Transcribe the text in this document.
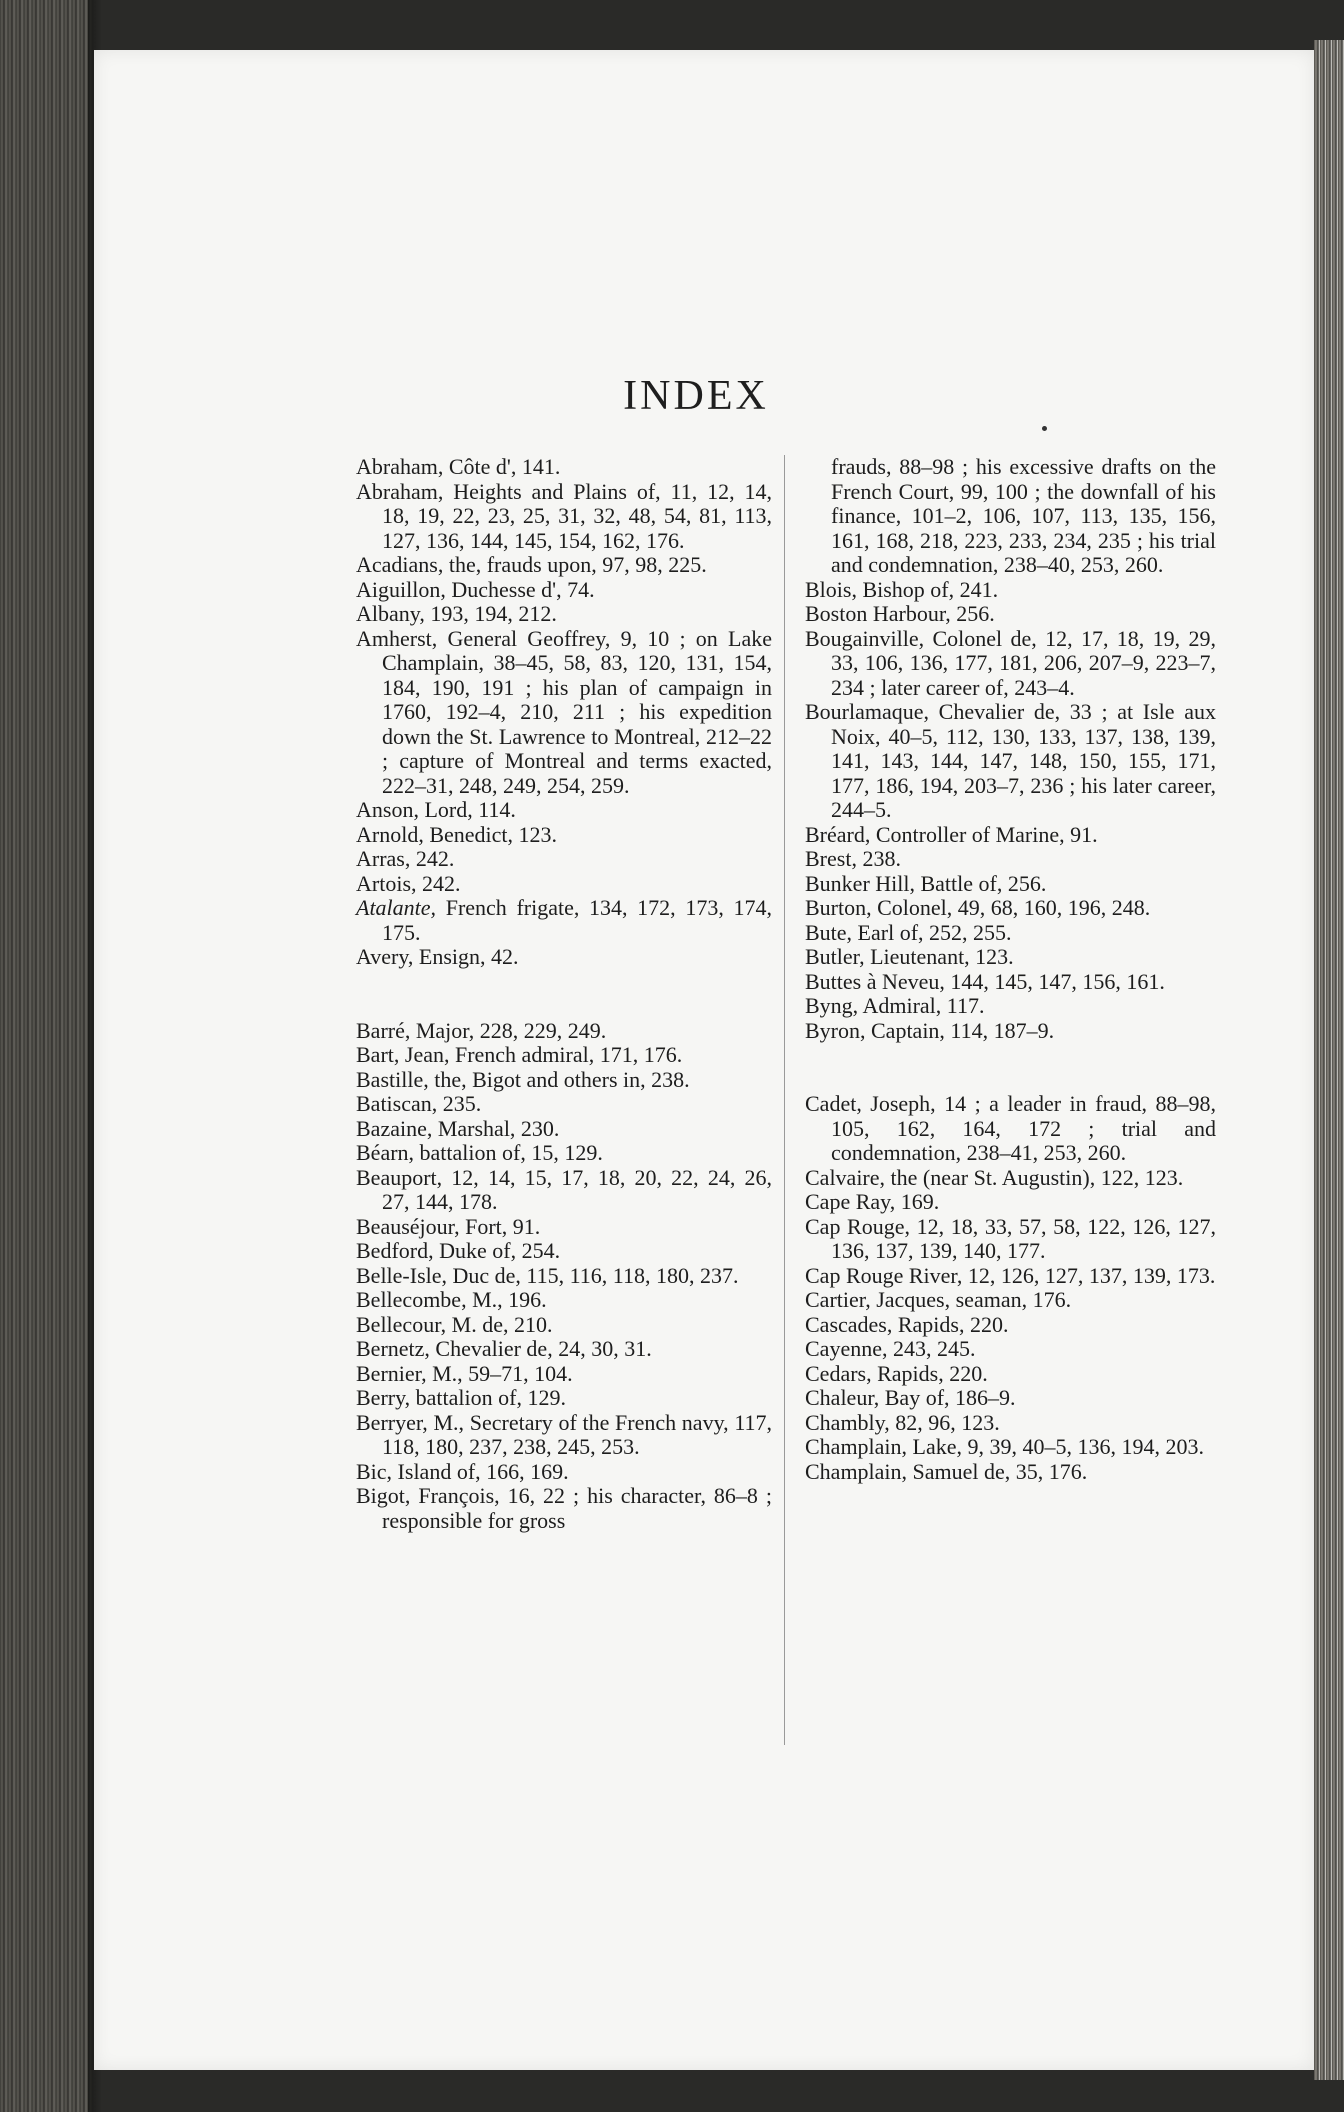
INDEX

Abraham, Côte d', 141.

Abraham, Heights and Plains of, 11, 12, 14, 18, 19, 22, 23, 25, 31, 32, 48, 54, 81, 113, 127, 136, 144, 145, 154, 162, 176.

Acadians, the, frauds upon, 97, 98, 225.

Aiguillon, Duchesse d', 74.

Albany, 193, 194, 212.

Amherst, General Geoffrey, 9, 10 ; on Lake Champlain, 38–45, 58, 83, 120, 131, 154, 184, 190, 191 ; his plan of campaign in 1760, 192–4, 210, 211 ; his expedition down the St. Lawrence to Montreal, 212–22 ; capture of Montreal and terms exacted, 222–31, 248, 249, 254, 259.

Anson, Lord, 114.

Arnold, Benedict, 123.

Arras, 242.

Artois, 242.

Atalante, French frigate, 134, 172, 173, 174, 175.

Avery, Ensign, 42.

Barré, Major, 228, 229, 249.

Bart, Jean, French admiral, 171, 176.

Bastille, the, Bigot and others in, 238.

Batiscan, 235.

Bazaine, Marshal, 230.

Béarn, battalion of, 15, 129.

Beauport, 12, 14, 15, 17, 18, 20, 22, 24, 26, 27, 144, 178.

Beauséjour, Fort, 91.

Bedford, Duke of, 254.

Belle-Isle, Duc de, 115, 116, 118, 180, 237.

Bellecombe, M., 196.

Bellecour, M. de, 210.

Bernetz, Chevalier de, 24, 30, 31.

Bernier, M., 59–71, 104.

Berry, battalion of, 129.

Berryer, M., Secretary of the French navy, 117, 118, 180, 237, 238, 245, 253.

Bic, Island of, 166, 169.

Bigot, François, 16, 22 ; his character, 86–8 ; responsible for gross

frauds, 88–98 ; his excessive drafts on the French Court, 99, 100 ; the downfall of his finance, 101–2, 106, 107, 113, 135, 156, 161, 168, 218, 223, 233, 234, 235 ; his trial and condemnation, 238–40, 253, 260.

Blois, Bishop of, 241.

Boston Harbour, 256.

Bougainville, Colonel de, 12, 17, 18, 19, 29, 33, 106, 136, 177, 181, 206, 207–9, 223–7, 234 ; later career of, 243–4.

Bourlamaque, Chevalier de, 33 ; at Isle aux Noix, 40–5, 112, 130, 133, 137, 138, 139, 141, 143, 144, 147, 148, 150, 155, 171, 177, 186, 194, 203–7, 236 ; his later career, 244–5.

Bréard, Controller of Marine, 91.

Brest, 238.

Bunker Hill, Battle of, 256.

Burton, Colonel, 49, 68, 160, 196, 248.

Bute, Earl of, 252, 255.

Butler, Lieutenant, 123.

Buttes à Neveu, 144, 145, 147, 156, 161.

Byng, Admiral, 117.

Byron, Captain, 114, 187–9.

Cadet, Joseph, 14 ; a leader in fraud, 88–98, 105, 162, 164, 172 ; trial and condemnation, 238–41, 253, 260.

Calvaire, the (near St. Augustin), 122, 123.

Cape Ray, 169.

Cap Rouge, 12, 18, 33, 57, 58, 122, 126, 127, 136, 137, 139, 140, 177.

Cap Rouge River, 12, 126, 127, 137, 139, 173.

Cartier, Jacques, seaman, 176.

Cascades, Rapids, 220.

Cayenne, 243, 245.

Cedars, Rapids, 220.

Chaleur, Bay of, 186–9.

Chambly, 82, 96, 123.

Champlain, Lake, 9, 39, 40–5, 136, 194, 203.

Champlain, Samuel de, 35, 176.
